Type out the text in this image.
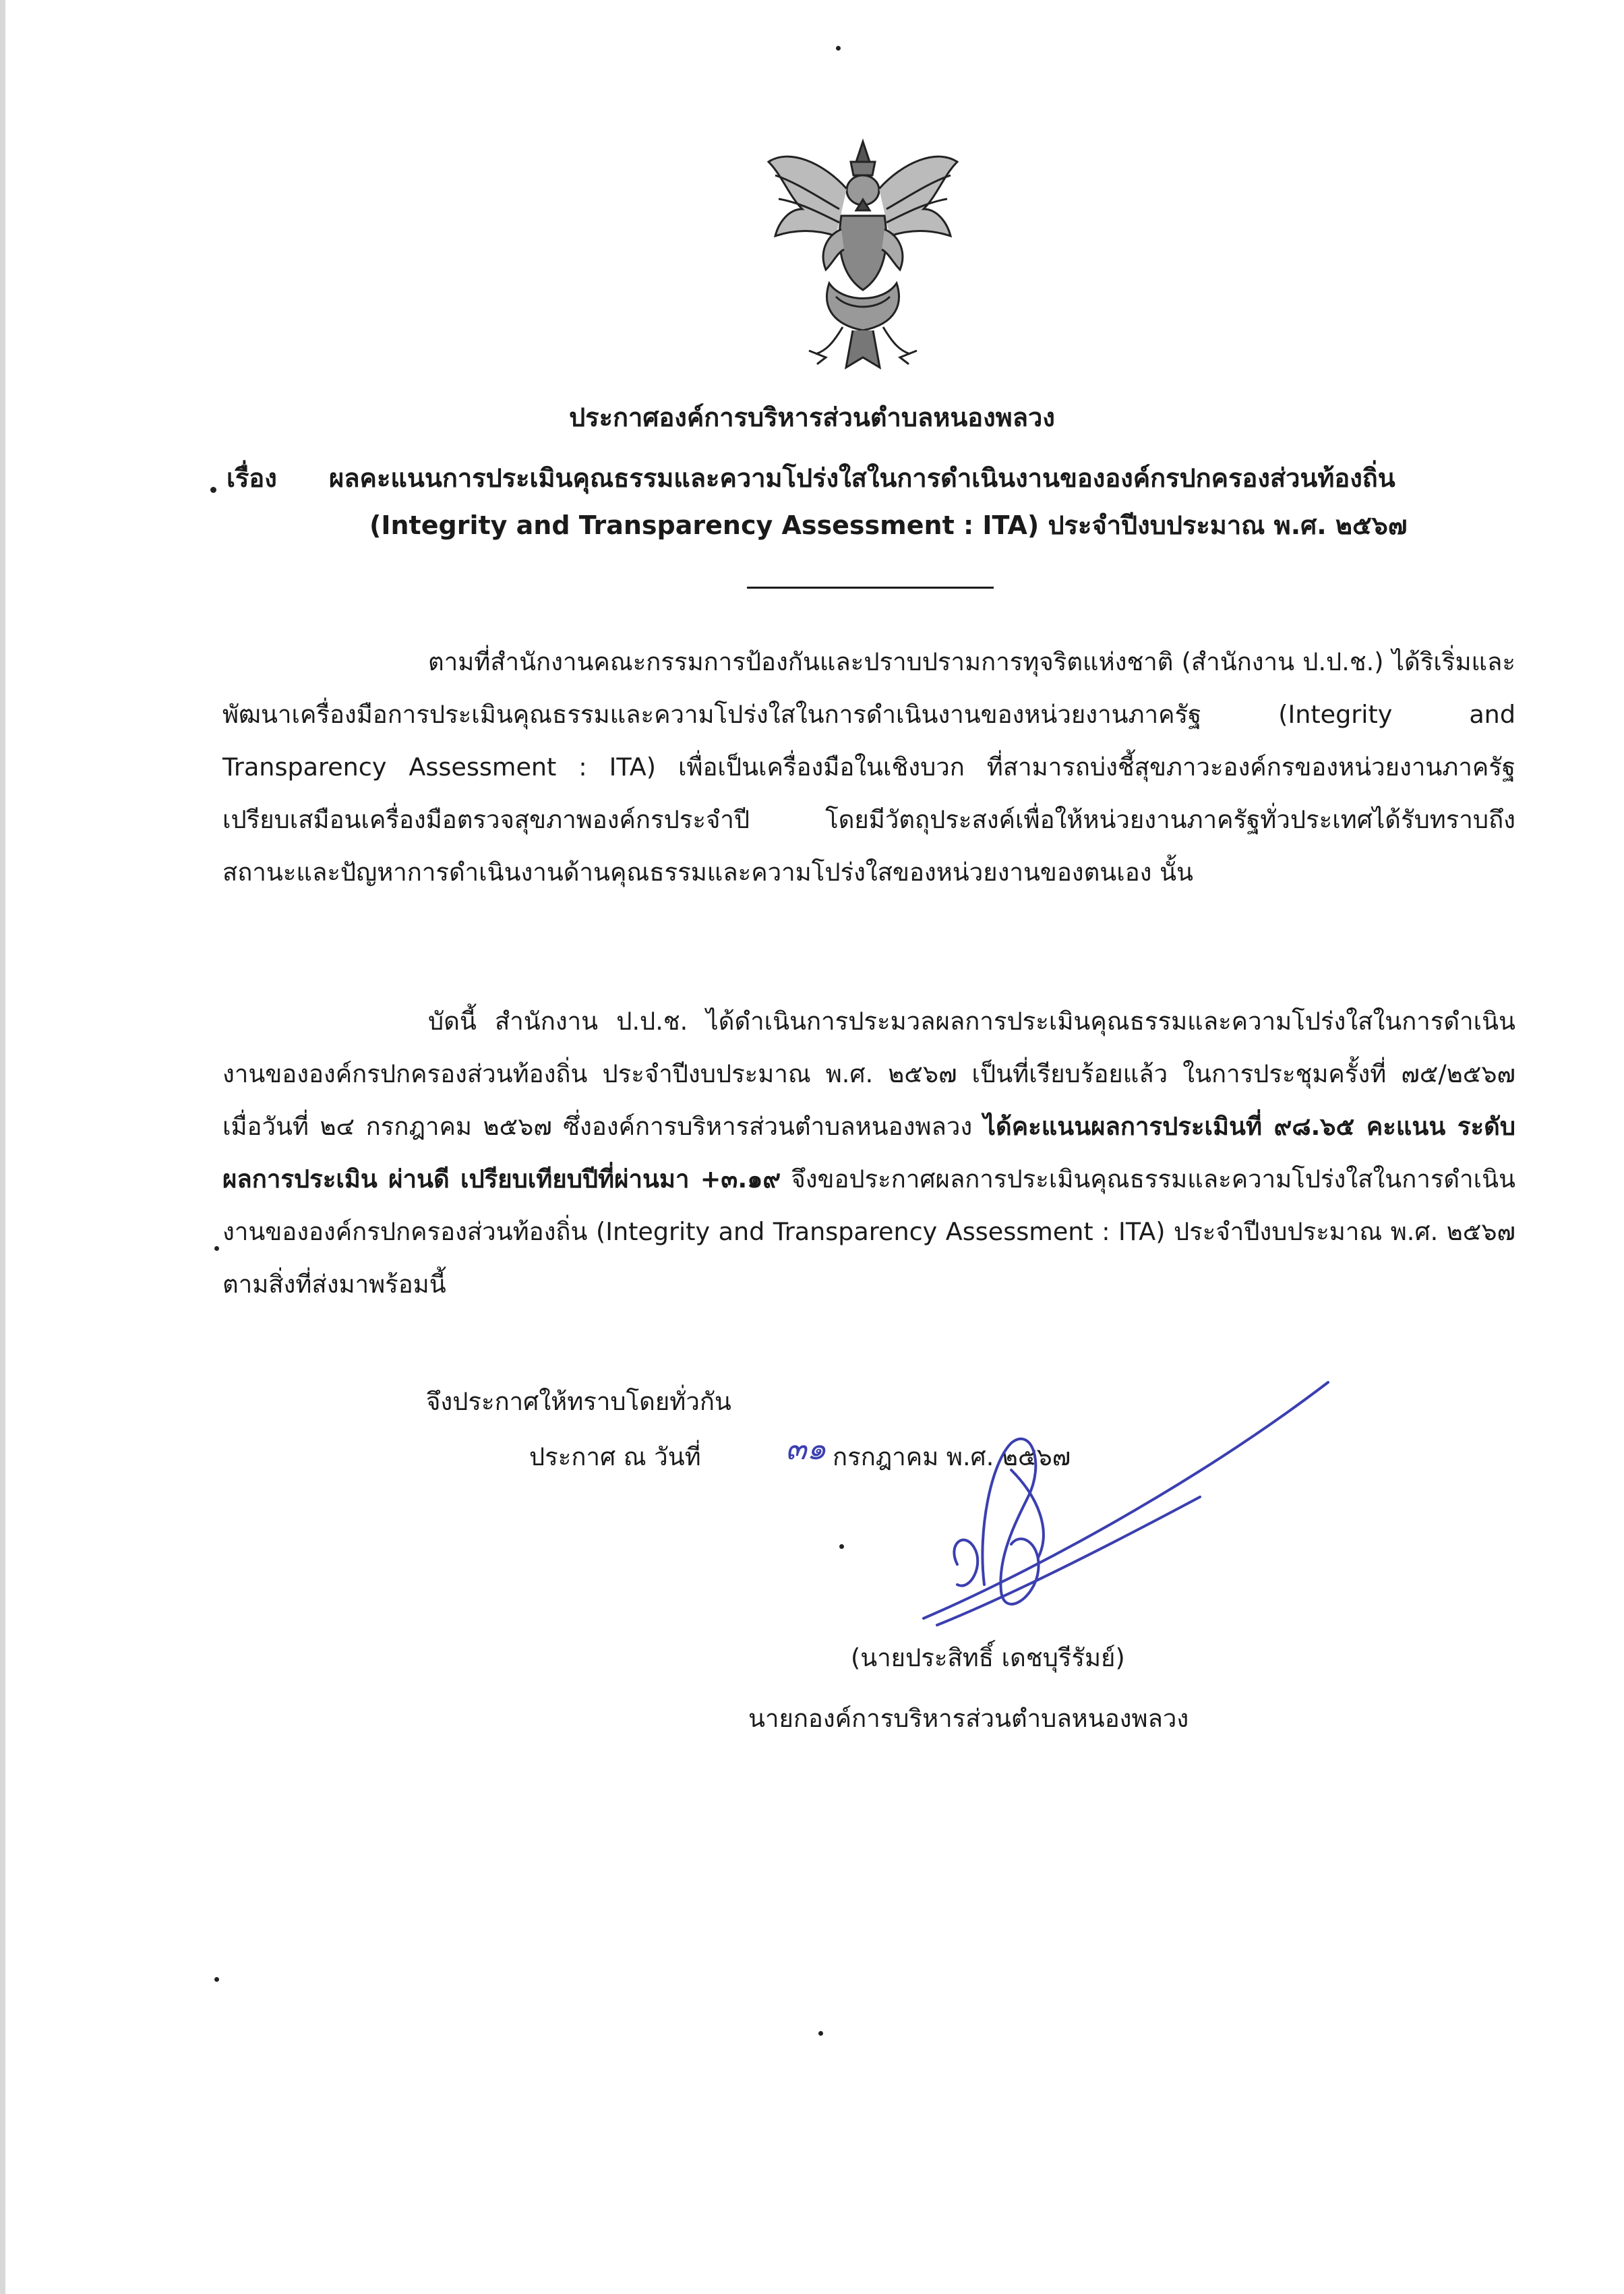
ประกาศองค์การบริหารส่วนตำบลหนองพลวง
เรื่อง ผลคะแนนการประเมินคุณธรรมและความโปร่งใสในการดำเนินงานขององค์กรปกครองส่วนท้องถิ่น
(Integrity and Transparency Assessment : ITA) ประจำปีงบประมาณ พ.ศ. ๒๕๖๗

ตามที่สำนักงานคณะกรรมการป้องกันและปราบปรามการทุจริตแห่งชาติ (สำนักงาน ป.ป.ช.) ได้ริเริ่มและพัฒนาเครื่องมือการประเมินคุณธรรมและความโปร่งใสในการดำเนินงานของหน่วยงานภาครัฐ (Integrity and Transparency Assessment : ITA) เพื่อเป็นเครื่องมือในเชิงบวก ที่สามารถบ่งชี้สุขภาวะองค์กรของหน่วยงานภาครัฐ เปรียบเสมือนเครื่องมือตรวจสุขภาพองค์กรประจำปี โดยมีวัตถุประสงค์เพื่อให้หน่วยงานภาครัฐทั่วประเทศได้รับทราบถึงสถานะและปัญหาการดำเนินงานด้านคุณธรรมและความโปร่งใสของหน่วยงานของตนเอง นั้น

บัดนี้ สำนักงาน ป.ป.ช. ได้ดำเนินการประมวลผลการประเมินคุณธรรมและความโปร่งใสในการดำเนินงานขององค์กรปกครองส่วนท้องถิ่น ประจำปีงบประมาณ พ.ศ. ๒๕๖๗ เป็นที่เรียบร้อยแล้ว ในการประชุมครั้งที่ ๗๕/๒๕๖๗ เมื่อวันที่ ๒๔ กรกฎาคม ๒๕๖๗ ซึ่งองค์การบริหารส่วนตำบลหนองพลวง ได้คะแนนผลการประเมินที่ ๙๘.๖๕ คะแนน ระดับผลการประเมิน ผ่านดี เปรียบเทียบปีที่ผ่านมา +๓.๑๙ จึงขอประกาศผลการประเมินคุณธรรมและความโปร่งใสในการดำเนินงานขององค์กรปกครองส่วนท้องถิ่น (Integrity and Transparency Assessment : ITA) ประจำปีงบประมาณ พ.ศ. ๒๕๖๗ ตามสิ่งที่ส่งมาพร้อมนี้

จึงประกาศให้ทราบโดยทั่วกัน
ประกาศ ณ วันที่	๓๑ กรกฎาคม พ.ศ. ๒๕๖๗
(นายประสิทธิ์ เดชบุรีรัมย์)
นายกองค์การบริหารส่วนตำบลหนองพลวง
